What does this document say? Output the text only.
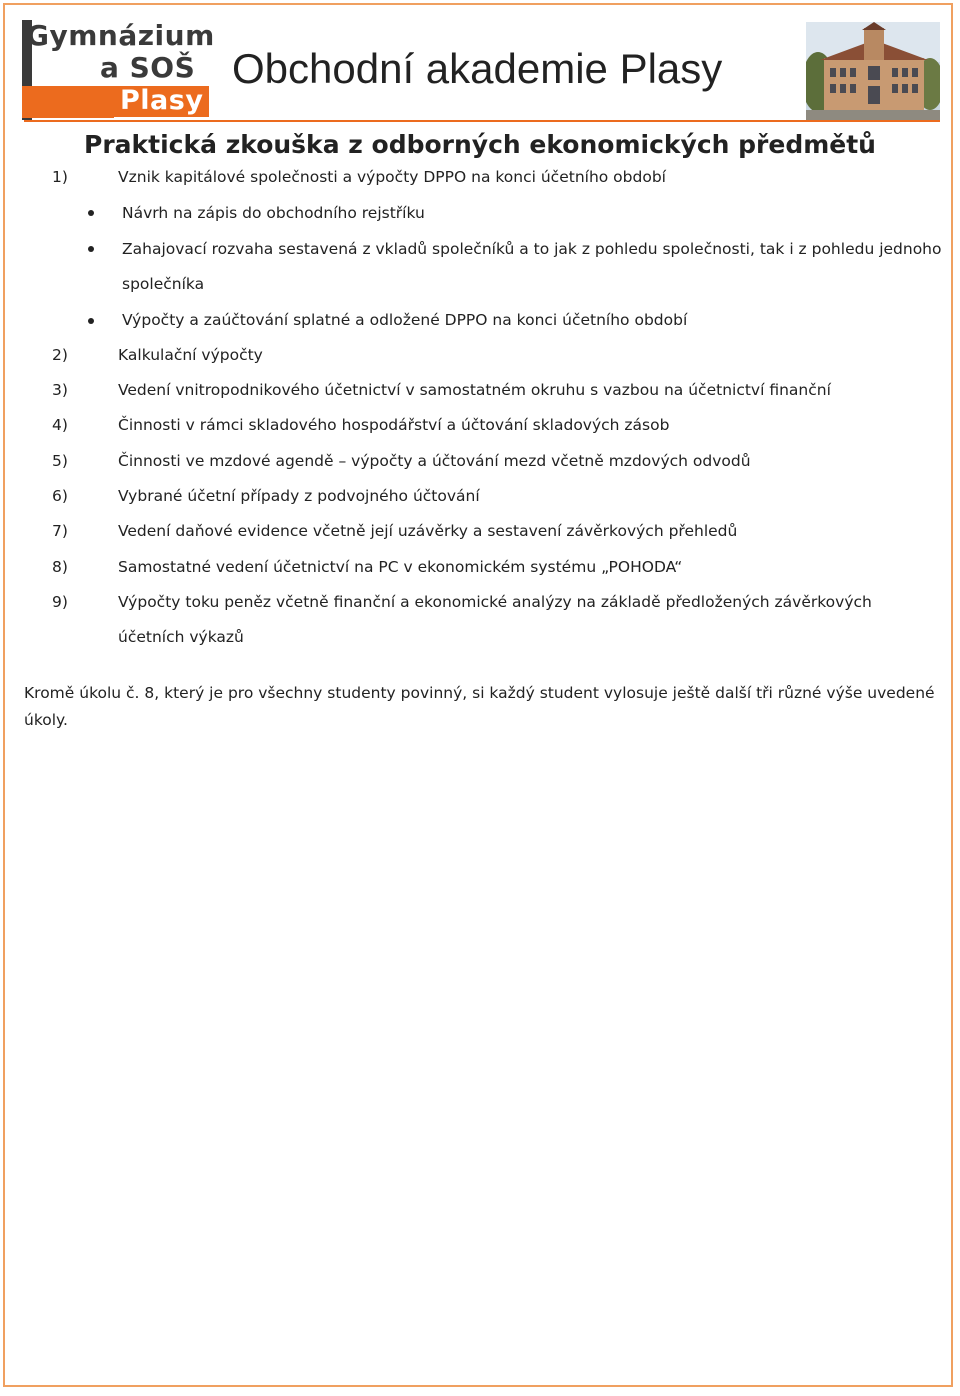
Gymnázium
a SOŠ
Plasy
Obchodní akademie Plasy
Praktická zkouška z odborných ekonomických předmětů
1)	Vznik kapitálové společnosti a výpočty DPPO na konci účetního období
Návrh na zápis do obchodního rejstříku
Zahajovací rozvaha sestavená z vkladů společníků a to jak z pohledu společnosti, tak i z pohledu jednoho
společníka
Výpočty a zaúčtování splatné a odložené DPPO na konci účetního období
2)	Kalkulační výpočty
3)	Vedení vnitropodnikového účetnictví v samostatném okruhu s vazbou na účetnictví finanční
4)	Činnosti v rámci skladového hospodářství a účtování skladových zásob
5)	Činnosti ve mzdové agendě – výpočty a účtování mezd včetně mzdových odvodů
6)	Vybrané účetní případy z podvojného účtování
7)	Vedení daňové evidence včetně její uzávěrky a sestavení závěrkových přehledů
8)	Samostatné vedení účetnictví na PC v ekonomickém systému „POHODA“
9)	Výpočty toku peněz včetně finanční a ekonomické analýzy na základě předložených závěrkových
účetních výkazů
Kromě úkolu č. 8, který je pro všechny studenty povinný, si každý student vylosuje ještě další tři různé výše uvedené úkoly.
